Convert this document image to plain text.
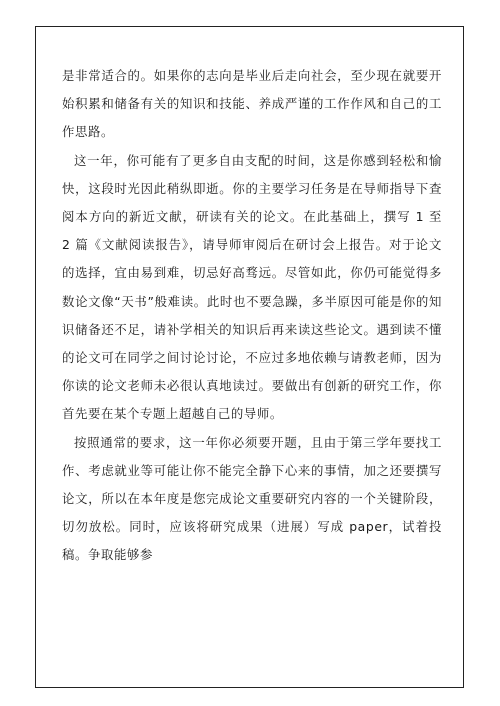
是非常适合的。如果你的志向是毕业后走向社会，至少现在就要开始积累和储备有关的知识和技能、养成严谨的工作作风和自己的工作思路。

这一年，你可能有了更多自由支配的时间，这是你感到轻松和愉快，这段时光因此稍纵即逝。你的主要学习任务是在导师指导下查阅本方向的新近文献，研读有关的论文。在此基础上，撰写 1 至 2 篇《文献阅读报告》，请导师审阅后在研讨会上报告。对于论文的选择，宜由易到难，切忌好高骛远。尽管如此，你仍可能觉得多数论文像“天书”般难读。此时也不要急躁，多半原因可能是你的知识储备还不足，请补学相关的知识后再来读这些论文。遇到读不懂的论文可在同学之间讨论讨论，不应过多地依赖与请教老师，因为你读的论文老师未必很认真地读过。要做出有创新的研究工作，你首先要在某个专题上超越自己的导师。

按照通常的要求，这一年你必须要开题，且由于第三学年要找工作、考虑就业等可能让你不能完全静下心来的事情，加之还要撰写论文，所以在本年度是您完成论文重要研究内容的一个关键阶段，切勿放松。同时，应该将研究成果（进展）写成 paper，试着投稿。争取能够参
